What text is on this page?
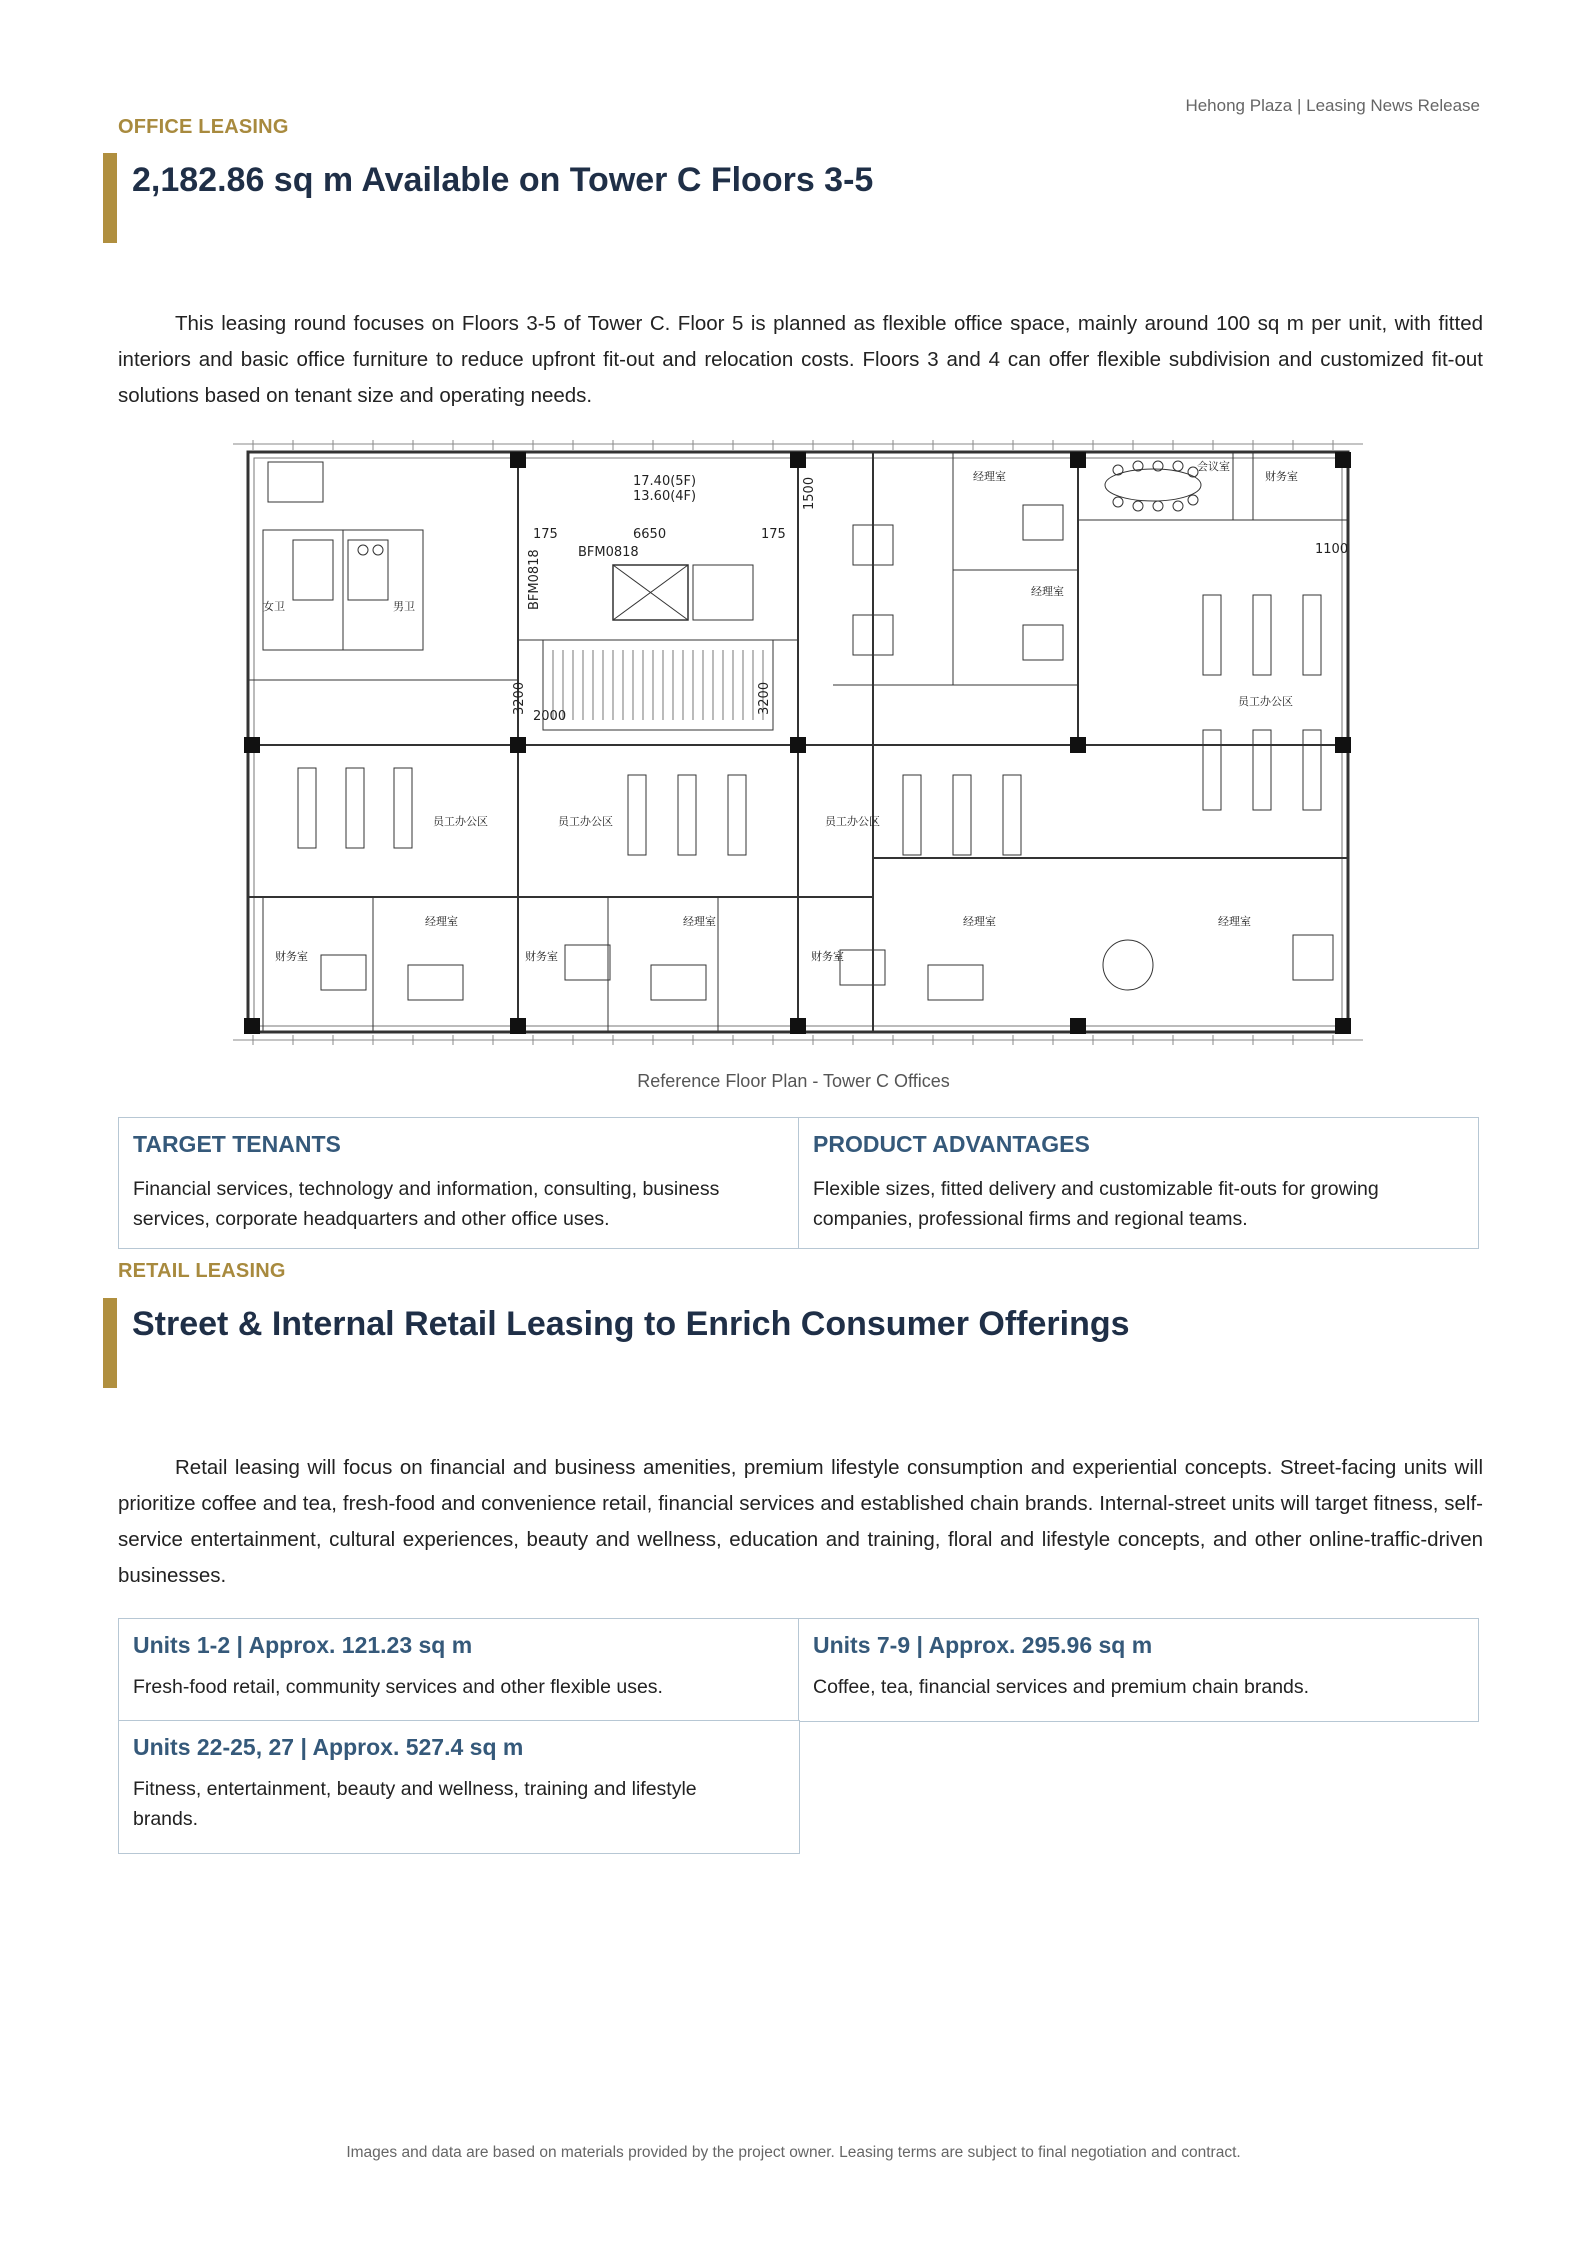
Hehong Plaza | Leasing News Release
OFFICE LEASING
2,182.86 sq m Available on Tower C Floors 3-5

This leasing round focuses on Floors 3-5 of Tower C. Floor 5 is planned as flexible office space, mainly around 100 sq m per unit, with fitted interiors and basic office furniture to reduce upfront fit-out and relocation costs. Floors 3 and 4 can offer flexible subdivision and customized fit-out solutions based on tenant size and operating needs.

17.40(5F)
13.60(4F)
6650
175	175
BFM0818
BFM0818
1500
3200	3200
2000
1100
女卫	男卫
员工办公区	员工办公区	员工办公区
员工办公区
经理室
经理室
经理室	经理室	经理室	经理室
财务室
财务室	财务室	财务室
会议室
Reference Floor Plan - Tower C Offices
TARGET TENANTS

Financial services, technology and information, consulting, business services, corporate headquarters and other office uses.

PRODUCT ADVANTAGES

Flexible sizes, fitted delivery and customizable fit-outs for growing companies, professional firms and regional teams.

RETAIL LEASING
Street & Internal Retail Leasing to Enrich Consumer Offerings

Retail leasing will focus on financial and business amenities, premium lifestyle consumption and experiential concepts. Street-facing units will prioritize coffee and tea, fresh-food and convenience retail, financial services and established chain brands. Internal-street units will target fitness, self-service entertainment, cultural experiences, beauty and wellness, education and training, floral and lifestyle concepts, and other online-traffic-driven businesses.

Units 1-2 | Approx. 121.23 sq m

Fresh-food retail, community services and other flexible uses.

Units 7-9 | Approx. 295.96 sq m

Coffee, tea, financial services and premium chain brands.

Units 22-25, 27 | Approx. 527.4 sq m

Fitness, entertainment, beauty and wellness, training and lifestyle brands.

Images and data are based on materials provided by the project owner. Leasing terms are subject to final negotiation and contract.
